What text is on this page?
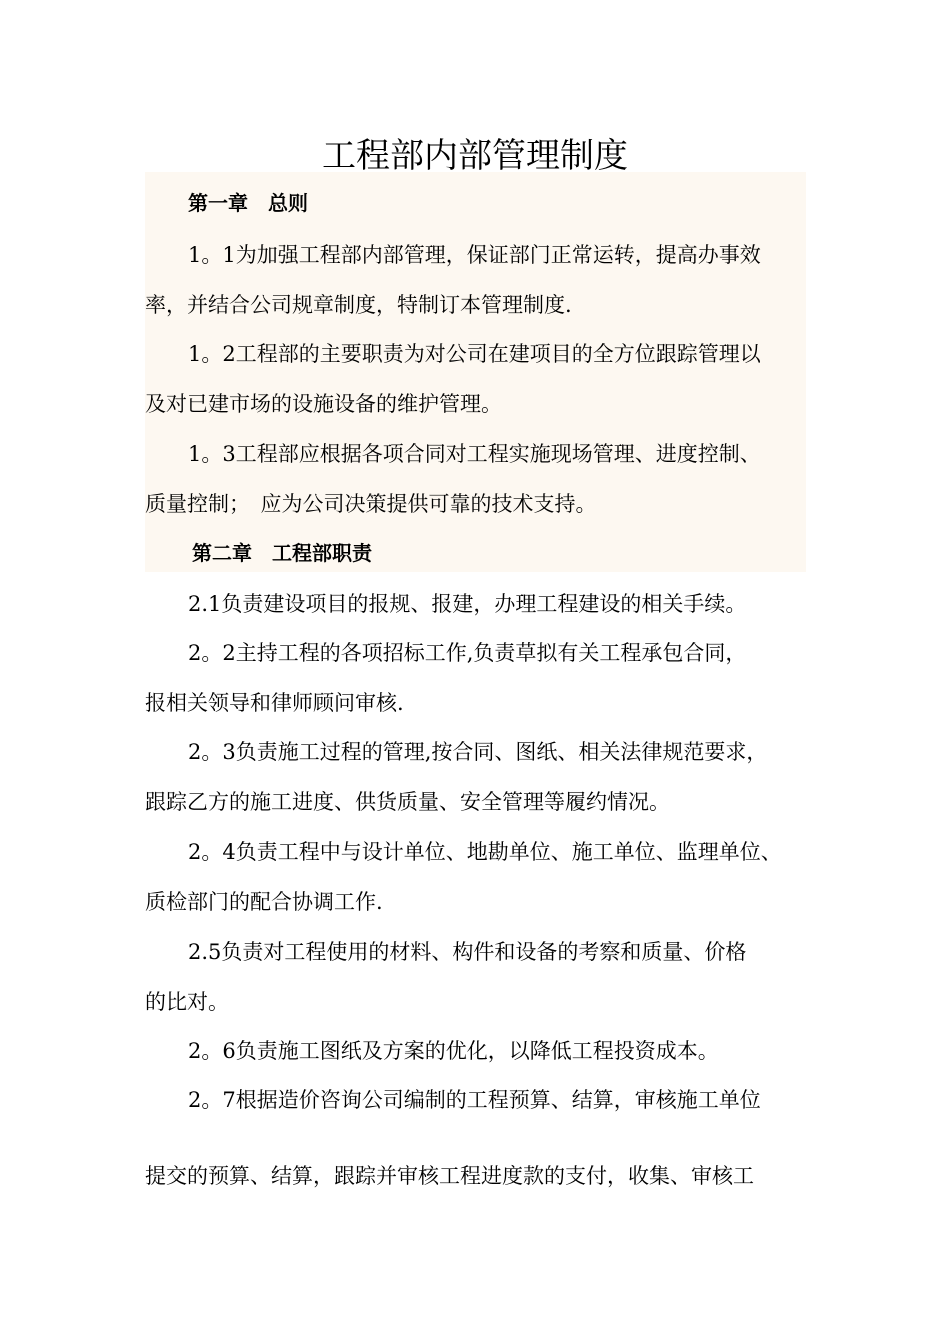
工程部内部管理制度
第一章　总则
1。1为加强工程部内部管理，保证部门正常运转，提高办事效
率，并结合公司规章制度，特制订本管理制度.
1。2工程部的主要职责为对公司在建项目的全方位跟踪管理以
及对已建市场的设施设备的维护管理。
1。3工程部应根据各项合同对工程实施现场管理、进度控制、
质量控制；　应为公司决策提供可靠的技术支持。
第二章　工程部职责
2.1负责建设项目的报规、报建，办理工程建设的相关手续。
2。2主持工程的各项招标工作,负责草拟有关工程承包合同，
报相关领导和律师顾问审核.
2。3负责施工过程的管理,按合同、图纸、相关法律规范要求，
跟踪乙方的施工进度、供货质量、安全管理等履约情况。
2。4负责工程中与设计单位、地勘单位、施工单位、监理单位、
质检部门的配合协调工作.
2.5负责对工程使用的材料、构件和设备的考察和质量、价格
的比对。
2。6负责施工图纸及方案的优化，以降低工程投资成本。
2。7根据造价咨询公司编制的工程预算、结算，审核施工单位
提交的预算、结算，跟踪并审核工程进度款的支付，收集、审核工
